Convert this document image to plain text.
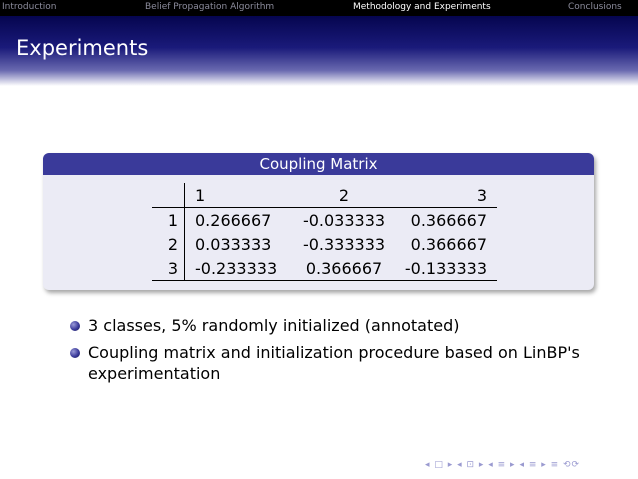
Introduction	Belief Propagation Algorithm	Methodology and Experiments	Conclusions
Experiments
Coupling Matrix
	1	2	3
1	0.266667	-0.033333	0.366667
2	0.033333	-0.333333	0.366667
3	-0.233333	0.366667	-0.133333
3 classes, 5% randomly initialized (annotated)
Coupling matrix and initialization procedure based on LinBP's experimentation
◂ □ ▸ ◂ ⊡ ▸ ◂ ≡ ▸ ◂ ≡ ▸ ≡ ⟲⟳
